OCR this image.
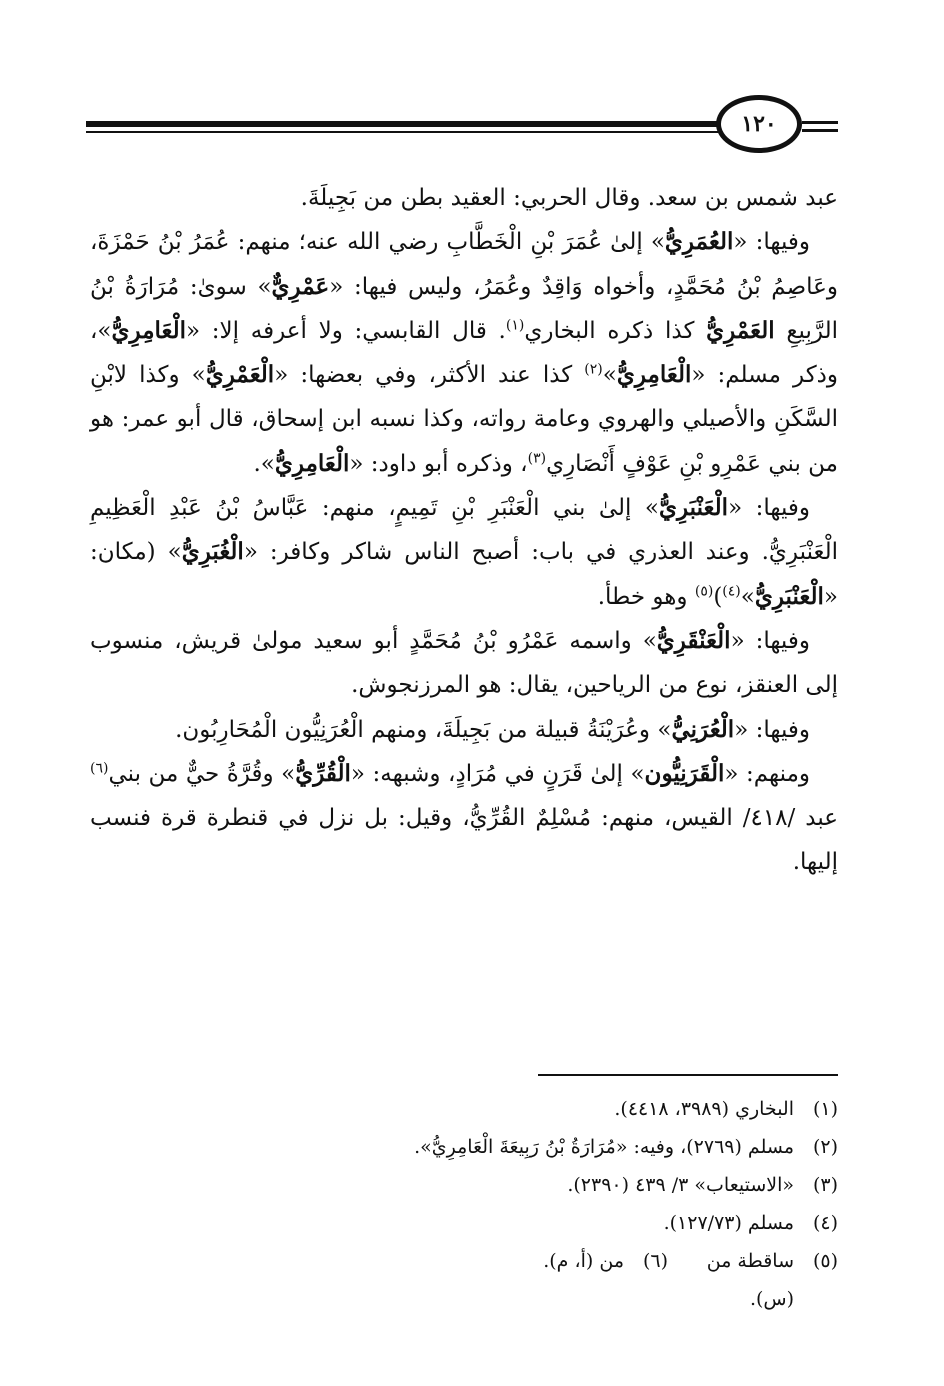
١٢٠

عبد شمس بن سعد. وقال الحربي: العقيد بطن من بَجِيلَةَ.

وفيها: «العُمَرِيُّ» إلىٰ عُمَرَ بْنِ الْخَطَّابِ رضي الله عنه؛ منهم: عُمَرُ بْنُ حَمْزَةَ، وعَاصِمُ بْنُ مُحَمَّدٍ، وأخواه وَاقِدٌ وعُمَرُ، وليس فيها: «عَمْرِيٌّ» سوىٰ: مُرَارَةُ بْنُ الرَّبِيعِ العَمْرِيُّ كذا ذكره البخاري$^{(١)}$. قال القابسي: ولا أعرفه إلا: «الْعَامِرِيُّ»، وذكر مسلم: «الْعَامِرِيُّ»$^{(٢)}$ كذا عند الأكثر، وفي بعضها: «الْعَمْرِيُّ» وكذا لابْنِ السَّكَنِ والأصيلي والهروي وعامة رواته، وكذا نسبه ابن إسحاق، قال أبو عمر: هو من بني عَمْرِو بْنِ عَوْفٍ أَنْصَارِي$^{(٣)}$، وذكره أبو داود: «الْعَامِرِيُّ».

وفيها: «الْعَنْبَرِيُّ» إلىٰ بني الْعَنْبَرِ بْنِ تَمِيمٍ، منهم: عَبَّاسُ بْنُ عَبْدِ الْعَظِيمِ الْعَنْبَرِيُّ. وعند العذري في باب: أصبح الناس شاكر وكافر: «الْغُبَرِيُّ» (مكان: «الْعَنْبَرِيُّ»$^{(٤)}$)$^{(٥)}$ وهو خطأ.

وفيها: «الْعَنْقَرِيُّ» واسمه عَمْرُو بْنُ مُحَمَّدٍ أبو سعيد مولىٰ قريش، منسوب إلى العنقز، نوع من الرياحين، يقال: هو المرزنجوش.

وفيها: «الْعُرَنِيُّ» وعُرَيْنَةُ قبيلة من بَجِيلَةَ، ومنهم الْعُرَنِيُّون الْمُحَارِبُون.

ومنهم: «الْقَرَنِيُّون» إلىٰ قَرَنٍ في مُرَادٍ، وشبهه: «الْقُرِّيُّ» وقُرَّةُ حيٌّ من بني$^{(٦)}$ عبد /٤١٨/ القيس، منهم: مُسْلِمٌ القُرِّيُّ، وقيل: بل نزل في قنطرة قرة فنسب إليها.

(١)
البخاري (٣٩٨٩، ٤٤١٨).
(٢)
مسلم (٢٧٦٩)، وفيه: «مُرَارَةُ بْنُ رَبِيعَةَ الْعَامِرِيُّ».
(٣)
«الاستيعاب» ٣/ ٤٣٩ (٢٣٩٠).
(٤)
مسلم (١٢٧/٧٣).
(٥)
ساقطة من (س).
(٦)
من (أ، م).
